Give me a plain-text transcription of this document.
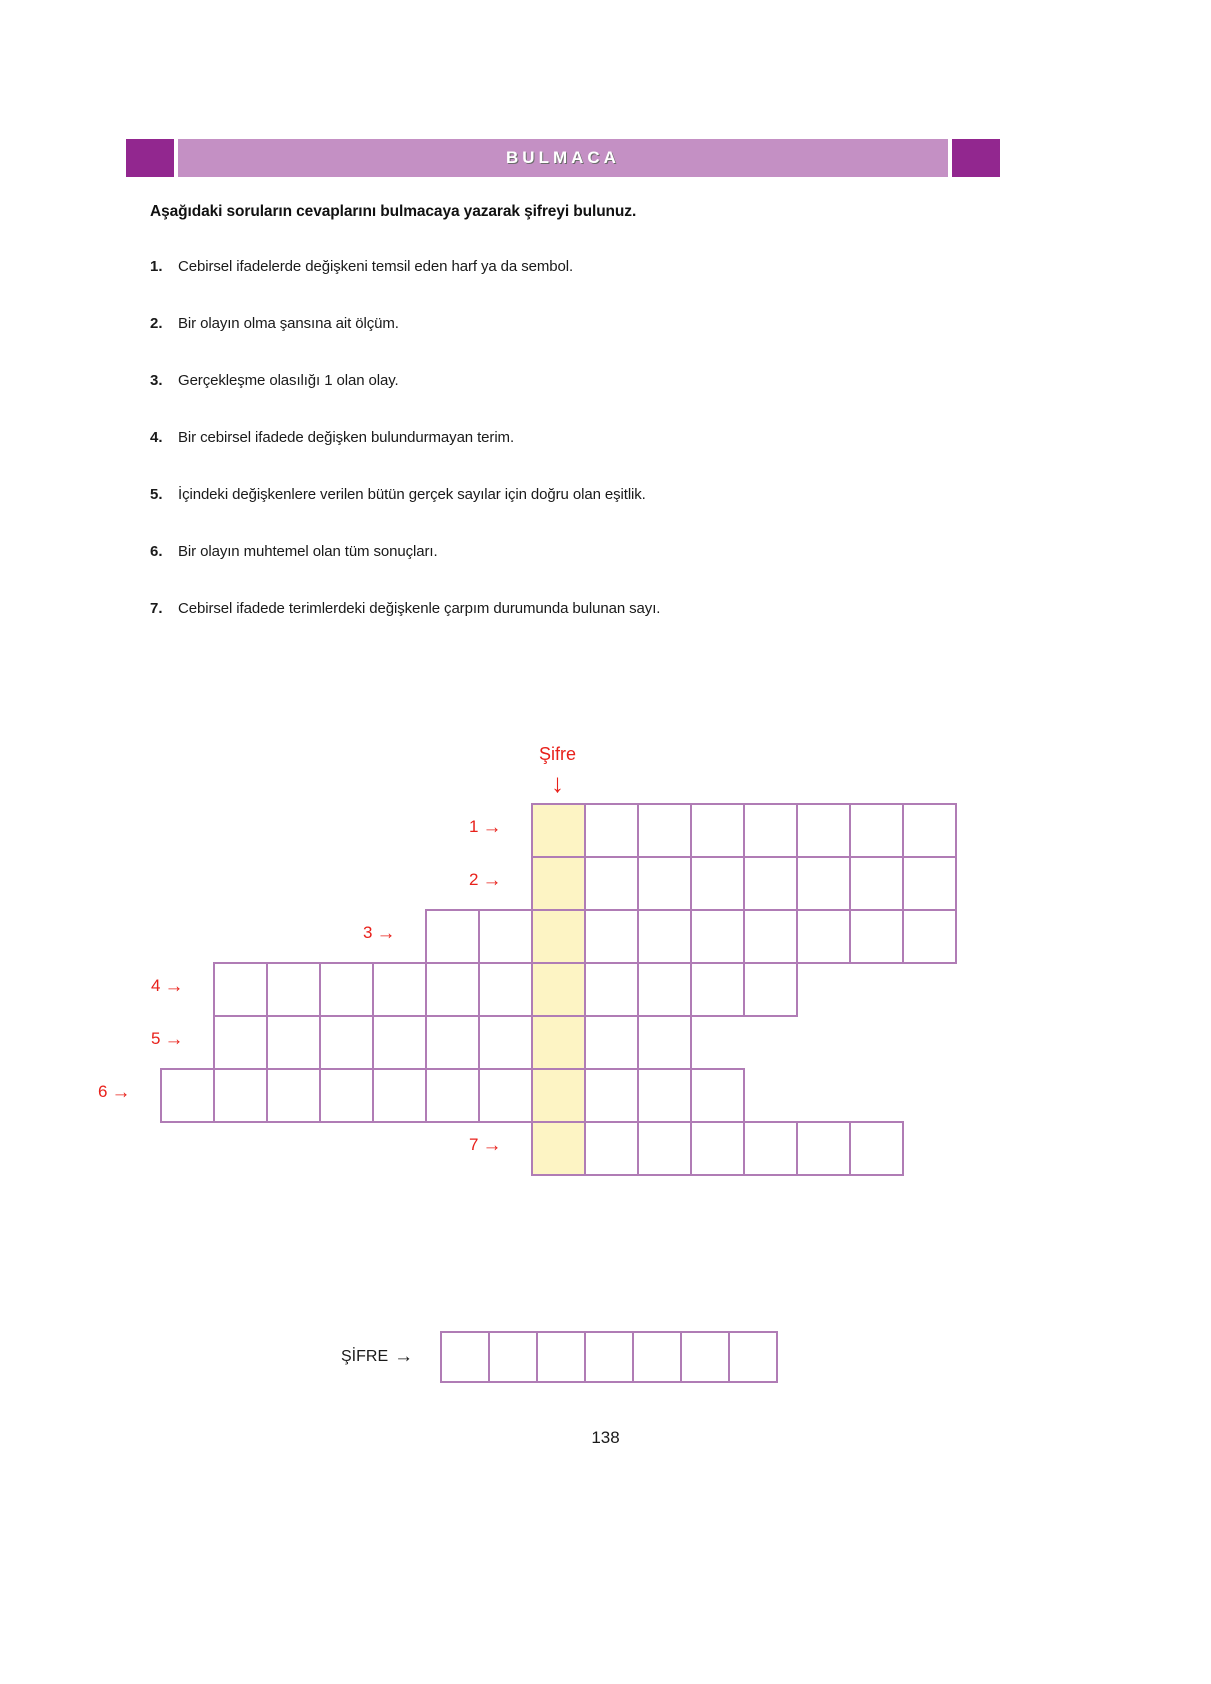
BULMACA
Aşağıdaki soruların cevaplarını bulmacaya yazarak şifreyi bulunuz.
1.	Cebirsel ifadelerde değişkeni temsil eden harf ya da sembol.
2.	Bir olayın olma şansına ait ölçüm.
3.	Gerçekleşme olasılığı 1 olan olay.
4.	Bir cebirsel ifadede değişken bulundurmayan terim.
5.	İçindeki değişkenlere verilen bütün gerçek sayılar için doğru olan eşitlik.
6.	Bir olayın muhtemel olan tüm sonuçları.
7.	Cebirsel ifadede terimlerdeki değişkenle çarpım durumunda bulunan sayı.
Şifre
↓
1 →
2 →
3 →
4 →
5 →
6 →
7 →
ŞİFRE →
138
